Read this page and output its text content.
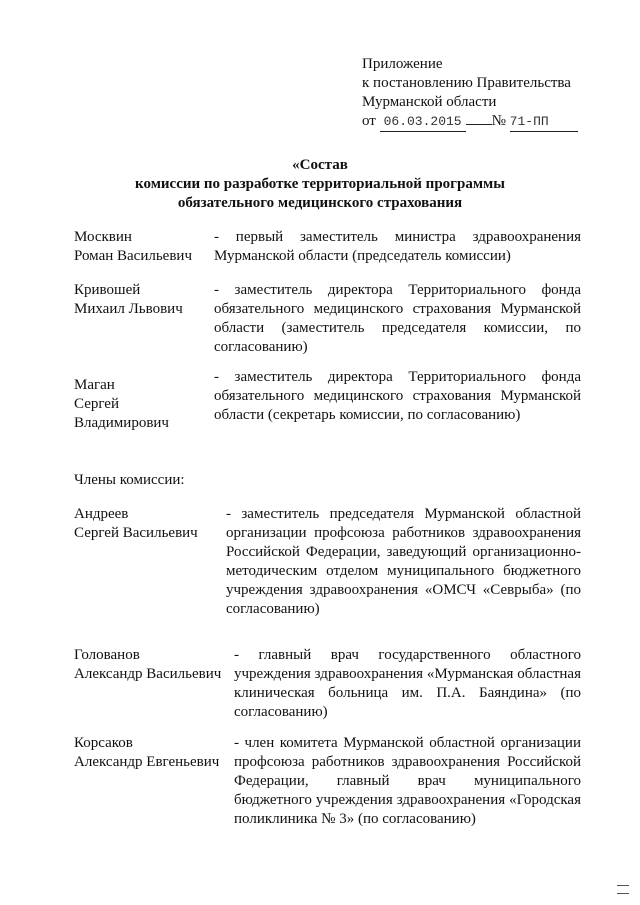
Приложение
к постановлению Правительства
Мурманской области
от 06.03.2015 № 71-ПП
«Состав
комиссии по разработке территориальной программы
обязательного медицинского страхования
Москвин
Роман Васильевич
- первый заместитель министра здравоохранения Мурманской области (председатель комиссии)
Кривошей
Михаил Львович
- заместитель директора Территориального фонда обязательного медицинского страхования Мурманской области (заместитель председателя комиссии, по согласованию)
Маган
Сергей
Владимирович
- заместитель директора Территориального фонда обязательного медицинского страхования Мурманской области (секретарь комиссии, по согласованию)
Члены комиссии:
Андреев
Сергей Васильевич
- заместитель председателя Мурманской областной организации профсоюза работников здравоохранения Российской Федерации, заведующий организационно-методическим отделом муниципального бюджетного учреждения здравоохранения «ОМСЧ «Севрыба» (по согласованию)
Голованов
Александр Васильевич
- главный врач государственного областного учреждения здравоохранения «Мурманская областная клиническая больница им. П.А. Баяндина» (по согласованию)
Корсаков
Александр Евгеньевич
- член комитета Мурманской областной организации профсоюза работников здравоохранения Российской Федерации, главный врач муниципального бюджетного учреждения здравоохранения «Городская поликлиника № 3» (по согласованию)
